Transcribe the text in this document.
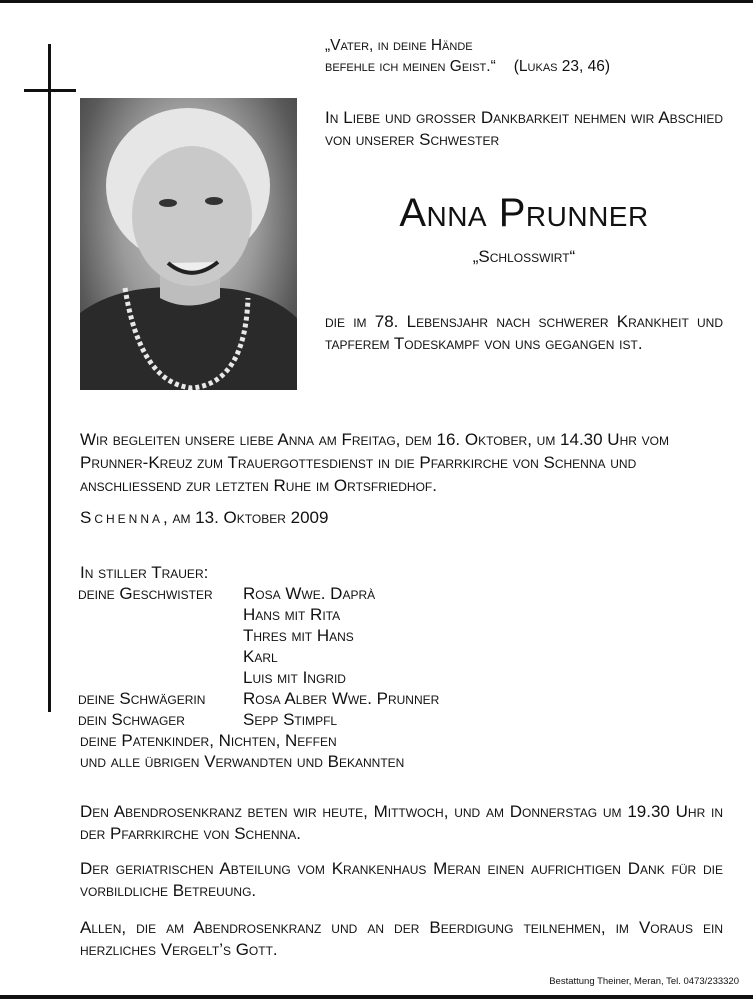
„Vater, in deine Hände
befehle ich meinen Geist.“ (Lukas 23, 46)
In Liebe und grosser Dankbarkeit nehmen wir Abschied von unserer Schwester
Anna Prunner
„Schlosswirt“
die im 78. Lebensjahr nach schwerer Krankheit und tapferem Todeskampf von uns gegangen ist.
Wir begleiten unsere liebe Anna am Freitag, dem 16. Oktober, um 14.30 Uhr vom Prunner-Kreuz zum Trauergottesdienst in die Pfarrkirche von Schenna und anschliessend zur letzten Ruhe im Ortsfriedhof.
Schenna, am 13. Oktober 2009
In stiller Trauer:
deine Geschwister	Rosa Wwe. Daprà
	Hans mit Rita
	Thres mit Hans
	Karl
	Luis mit Ingrid
deine Schwägerin	Rosa Alber Wwe. Prunner
dein Schwager	Sepp Stimpfl
deine Patenkinder, Nichten, Neffen
und alle übrigen Verwandten und Bekannten
Den Abendrosenkranz beten wir heute, Mittwoch, und am Donnerstag um 19.30 Uhr in der Pfarrkirche von Schenna.
Der geriatrischen Abteilung vom Krankenhaus Meran einen aufrichtigen Dank für die vorbildliche Betreuung.
Allen, die am Abendrosenkranz und an der Beerdigung teilnehmen, im Voraus ein herzliches Vergelt’s Gott.
Bestattung Theiner, Meran, Tel. 0473/233320
